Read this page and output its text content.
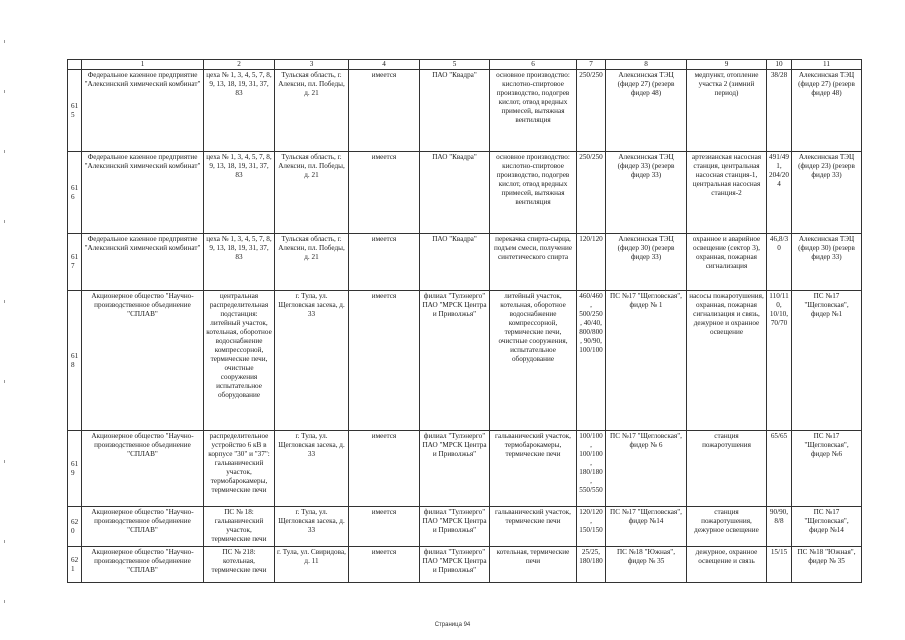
	1	2	3	4	5	6	7	8	9	10	11
615	Федеральное казенное предприятие "Алексинский химический комбинат"	цеха № 1, 3, 4, 5, 7, 8, 9, 13, 18, 19, 31, 37, 83	Тульская область, г. Алексин, пл. Победы, д. 21	имеется	ПАО "Квадра"	основное производство: кислотно-спиртовое производство, подогрев кислот, отвод вредных примесей, вытяжная вентиляция	250/250	Алексинская ТЭЦ (фидер 27) (резерв фидер 48)	медпункт, отопление участка 2 (зимний период)	38/28	Алексинская ТЭЦ (фидер 27) (резерв фидер 48)
616	Федеральное казенное предприятие "Алексинский химический комбинат"	цеха № 1, 3, 4, 5, 7, 8, 9, 13, 18, 19, 31, 37, 83	Тульская область, г. Алексин, пл. Победы, д. 21	имеется	ПАО "Квадра"	основное производство: кислотно-спиртовое производство, подогрев кислот, отвод вредных примесей, вытяжная вентиляция	250/250	Алексинская ТЭЦ (фидер 33) (резерв фидер 33)	артезианская насосная станция, центральная насосная станция-1, центральная насосная станция-2	491/491, 204/204	Алексинская ТЭЦ (фидер 23) (резерв фидер 33)
617	Федеральное казенное предприятие "Алексинский химический комбинат"	цеха № 1, 3, 4, 5, 7, 8, 9, 13, 18, 19, 31, 37, 83	Тульская область, г. Алексин, пл. Победы, д. 21	имеется	ПАО "Квадра"	перекачка спирта-сырца, подъем смеси, получение синтетического спирта	120/120	Алексинская ТЭЦ (фидер 30) (резерв фидер 33)	охранное и аварийное освещение (сектор 3), охранная, пожарная сигнализация	46,8/30	Алексинская ТЭЦ (фидер 30) (резерв фидер 33)
618	Акционерное общество "Научно-производственное объединение "СПЛАВ"	центральная распределительная подстанция: литейный участок, котельная, оборотное водоснабжение компрессорной, термические печи, очистные сооружения испытательное оборудование	г. Тула, ул. Щегловская засека, д. 33	имеется	филиал "Тулэнерго" ПАО "МРСК Центра и Приволжья"	литейный участок, котельная, оборотное водоснабжение компрессорной, термические печи, очистные сооружения, испытательное оборудование	460/460, 500/250, 40/40, 800/800, 90/90, 100/100	ПС №17 "Щегловская", фидер № 1	насосы пожаротушения, охранная, пожарная сигнализация и связь, дежурное и охранное освещение	110/110, 10/10, 70/70	ПС №17 "Щегловская", фидер №1
619	Акционерное общество "Научно-производственное объединение "СПЛАВ"	распределительное устройство 6 кВ в корпусе "30" и "37": гальванический участок, термобарокамеры, термические печи	г. Тула, ул. Щегловская засека, д. 33	имеется	филиал "Тулэнерго" ПАО "МРСК Центра и Приволжья"	гальванический участок, термобарокамеры, термические печи	100/100, 100/100, 180/180, 550/550	ПС №17 "Щегловская", фидер № 6	станция пожаротушения	65/65	ПС №17 "Щегловская", фидер №6
620	Акционерное общество "Научно-производственное объединение "СПЛАВ"	ПС № 18: гальванический участок, термические печи	г. Тула, ул. Щегловская засека, д. 33	имеется	филиал "Тулэнерго" ПАО "МРСК Центра и Приволжья"	гальванический участок, термические печи	120/120, 150/150	ПС №17 "Щегловская", фидер №14	станция пожаротушения, дежурное освещение	90/90, 8/8	ПС №17 "Щегловская", фидер №14
621	Акционерное общество "Научно-производственное объединение "СПЛАВ"	ПС № 218: котельная, термические печи	г. Тула, ул. Свиридова, д. 11	имеется	филиал "Тулэнерго" ПАО "МРСК Центра и Приволжья"	котельная, термические печи	25/25, 180/180	ПС №18 "Южная", фидер № 35	дежурное, охранное освещение и связь	15/15	ПС №18 "Южная", фидер № 35
Страница 94
